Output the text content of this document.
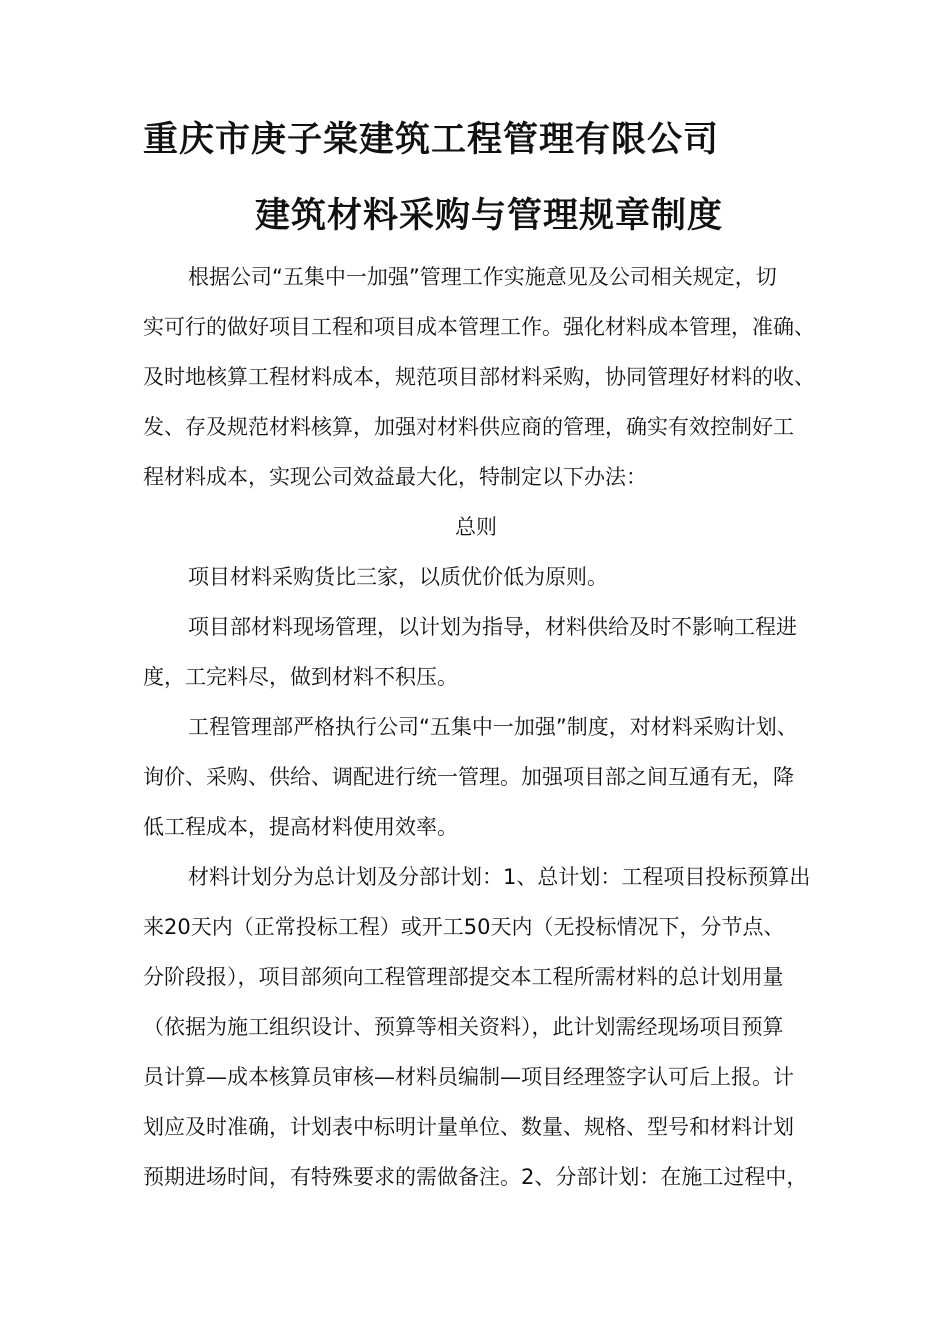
重庆市庚子棠建筑工程管理有限公司
建筑材料采购与管理规章制度

根据公司“五集中一加强”管理工作实施意见及公司相关规定，切

实可行的做好项目工程和项目成本管理工作。强化材料成本管理，准确、

及时地核算工程材料成本，规范项目部材料采购，协同管理好材料的收、

发、存及规范材料核算，加强对材料供应商的管理，确实有效控制好工

程材料成本，实现公司效益最大化，特制定以下办法：

总则

项目材料采购货比三家，以质优价低为原则。

项目部材料现场管理，以计划为指导，材料供给及时不影响工程进

度，工完料尽，做到材料不积压。

工程管理部严格执行公司“五集中一加强”制度，对材料采购计划、

询价、采购、供给、调配进行统一管理。加强项目部之间互通有无，降

低工程成本，提高材料使用效率。

材料计划分为总计划及分部计划：1、总计划：工程项目投标预算出

来20天内（正常投标工程）或开工50天内（无投标情况下，分节点、

分阶段报），项目部须向工程管理部提交本工程所需材料的总计划用量

（依据为施工组织设计、预算等相关资料），此计划需经现场项目预算

员计算—成本核算员审核—材料员编制—项目经理签字认可后上报。计

划应及时准确，计划表中标明计量单位、数量、规格、型号和材料计划

预期进场时间，有特殊要求的需做备注。2、分部计划：在施工过程中，
